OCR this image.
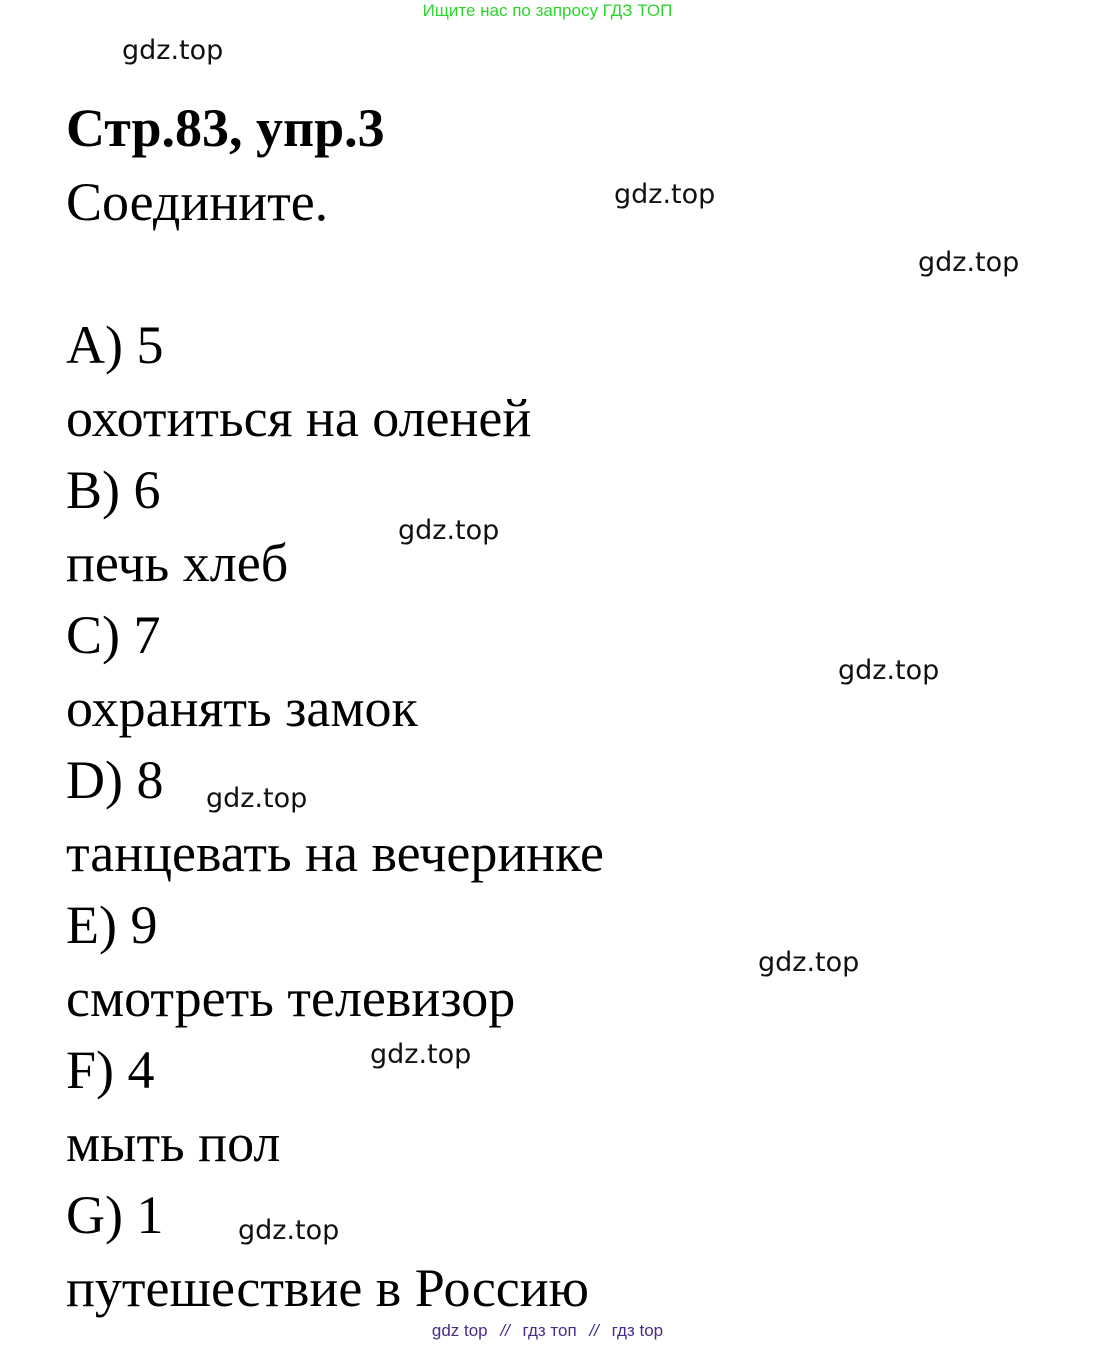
Ищите нас по запросу ГДЗ ТОП
gdz.top
gdz.top
gdz.top
gdz.top
gdz.top
gdz.top
gdz.top
gdz.top
gdz.top
Стр.83, упр.3
Соедините.
A) 5
охотиться на оленей
B) 6
печь хлеб
C) 7
охранять замок
D) 8
танцевать на вечеринке
E) 9
смотреть телевизор
F) 4
мыть пол
G) 1
путешествие в Россию
gdz top // гдз топ // гдз top
